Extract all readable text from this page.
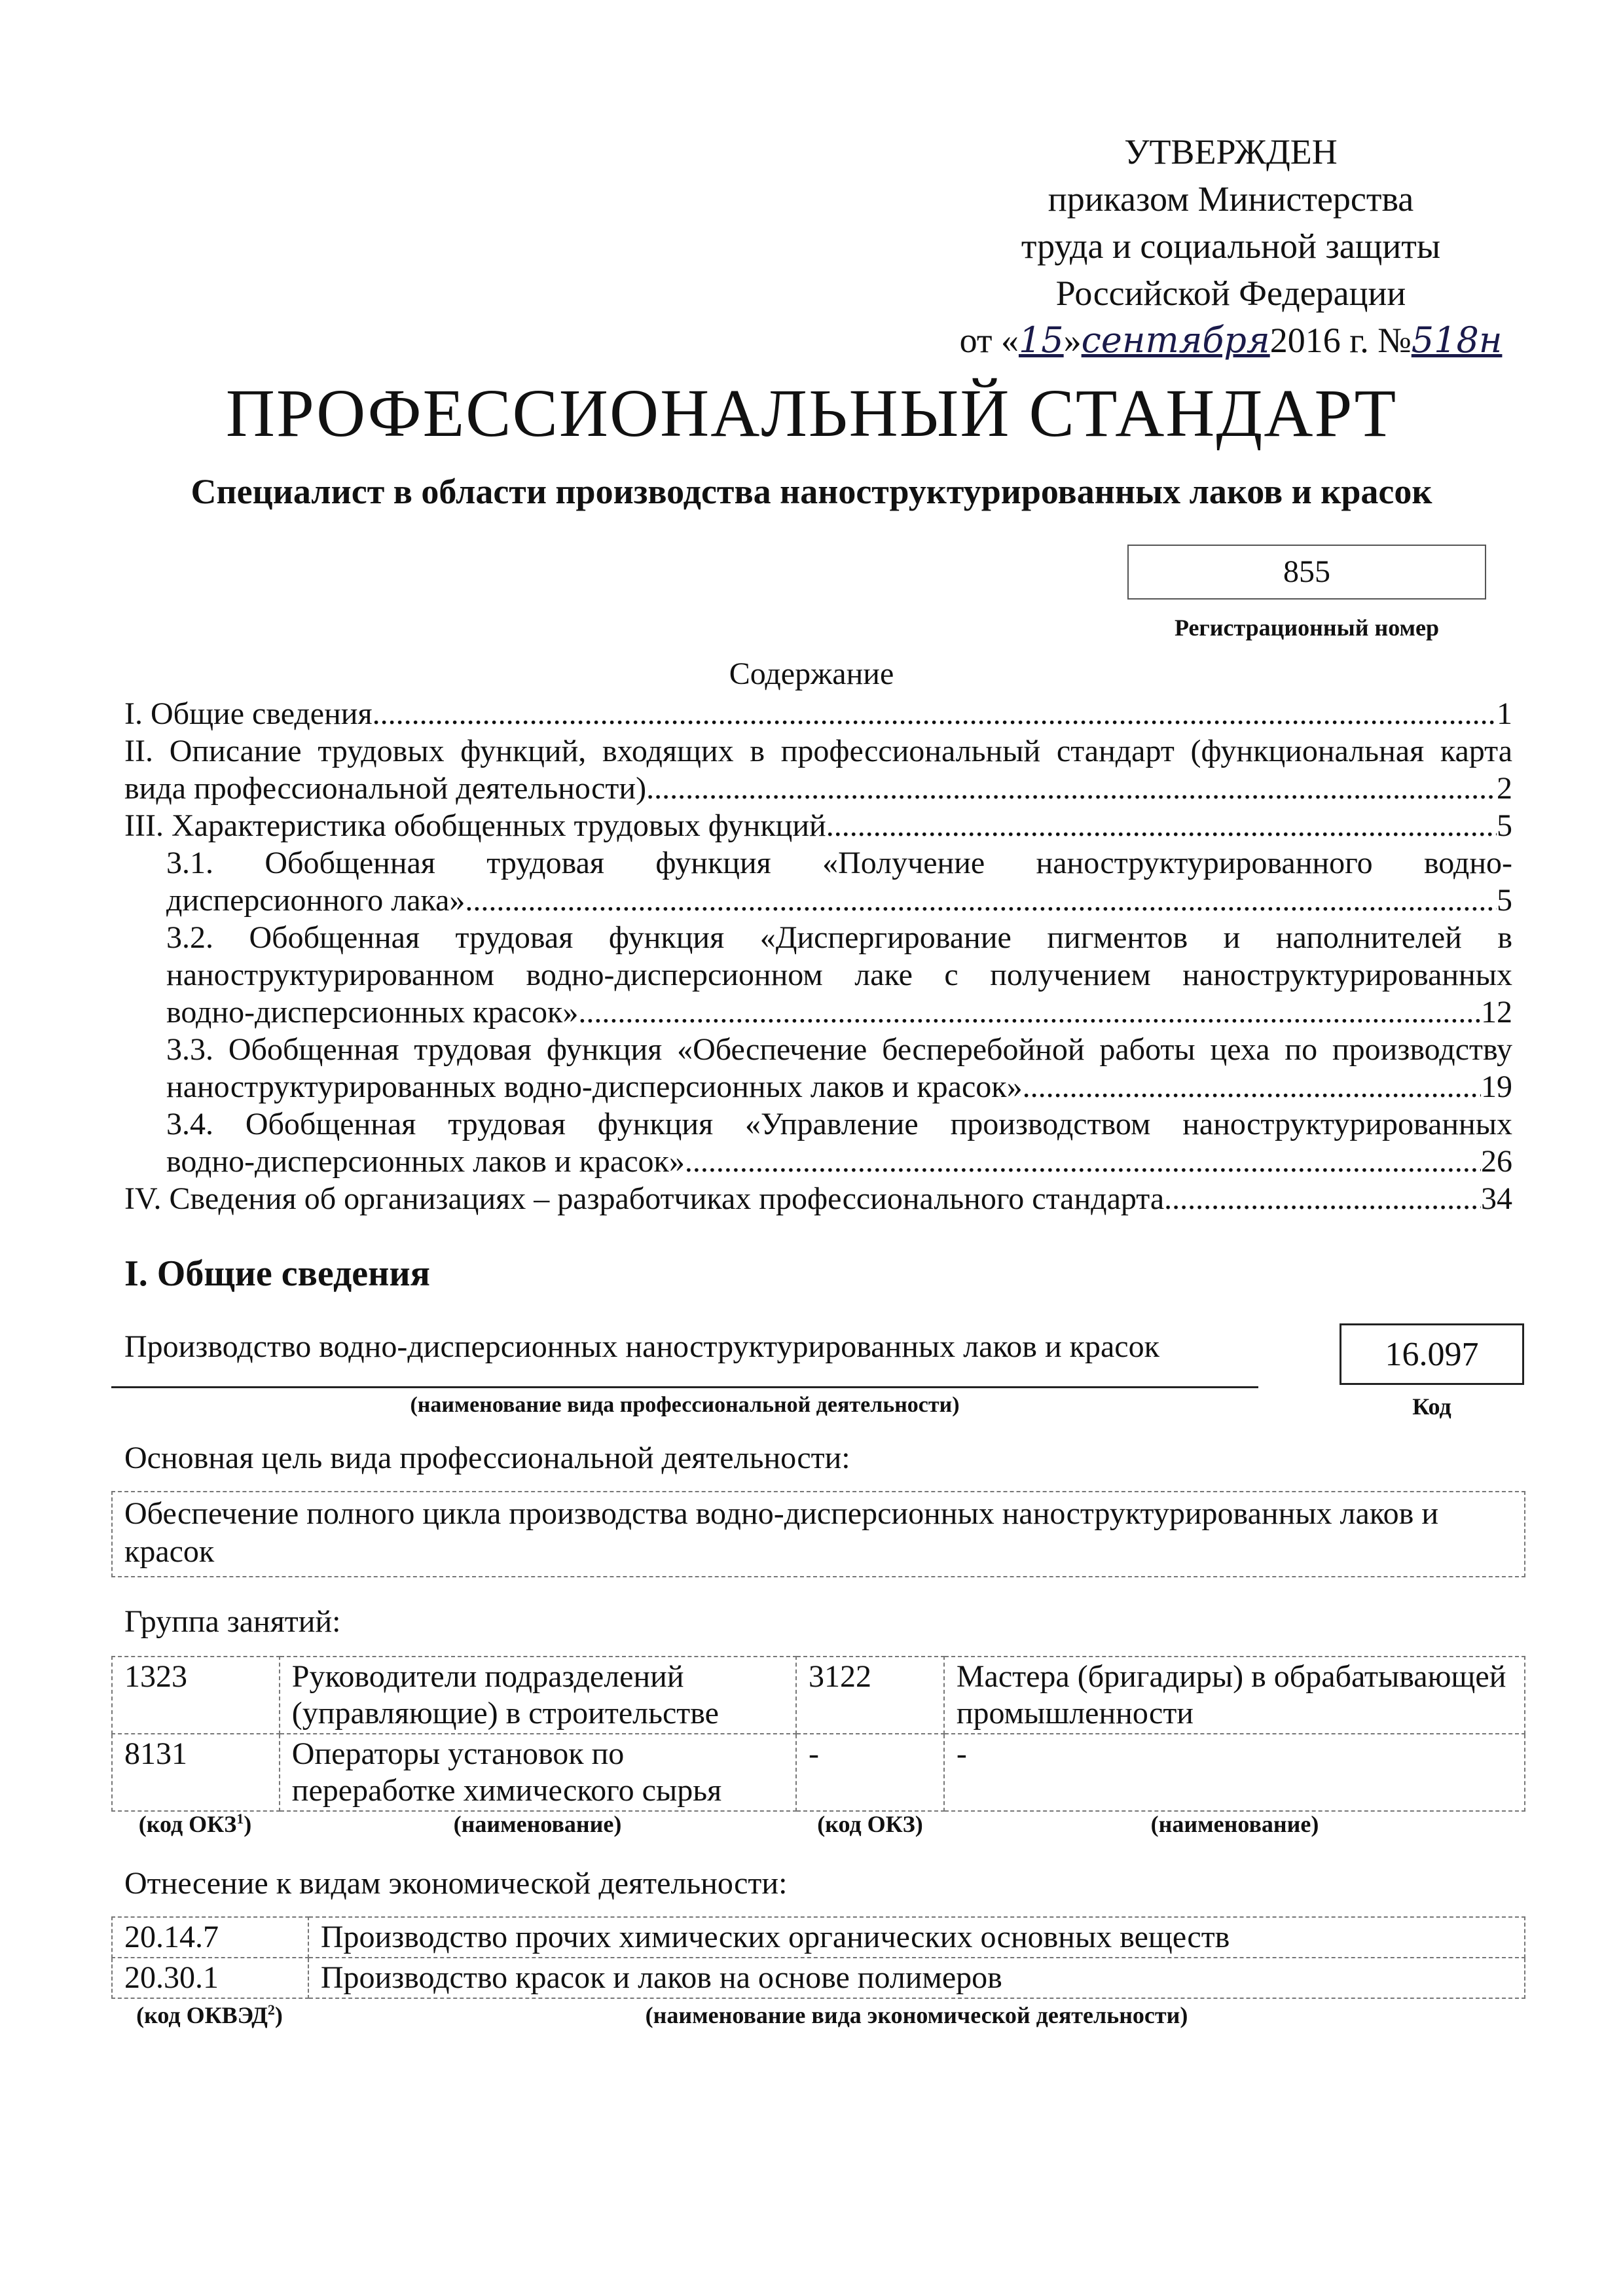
УТВЕРЖДЕН
приказом Министерства
труда и социальной защиты
Российской Федерации
от «15»сентября2016 г. №518н
ПРОФЕССИОНАЛЬНЫЙ СТАНДАРТ
Специалист в области производства наноструктурированных лаков и красок
855
Регистрационный номер
Содержание
I. Общие сведения .....	1
II. Описание трудовых функций, входящих в профессиональный стандарт (функциональная карта
вида профессиональной деятельности) .....	2
III. Характеристика обобщенных трудовых функций .....	5
3.1. Обобщенная трудовая функция «Получение наноструктурированного водно-
дисперсионного лака» .....	5
3.2. Обобщенная трудовая функция «Диспергирование пигментов и наполнителей в
наноструктурированном водно-дисперсионном лаке с получением наноструктурированных
водно-дисперсионных красок» .....	12
3.3. Обобщенная трудовая функция «Обеспечение бесперебойной работы цеха по производству
наноструктурированных водно-дисперсионных лаков и красок» .....	19
3.4. Обобщенная трудовая функция «Управление производством наноструктурированных
водно-дисперсионных лаков и красок» .....	26
IV. Сведения об организациях – разработчиках профессионального стандарта .....	34
I. Общие сведения
Производство водно-дисперсионных наноструктурированных лаков и красок
(наименование вида профессиональной деятельности)
16.097
Код
Основная цель вида профессиональной деятельности:
Обеспечение полного цикла производства водно-дисперсионных наноструктурированных лаков и красок
Группа занятий:
1323	Руководители подразделений (управляющие) в строительстве	3122	Мастера (бригадиры) в обрабатывающей промышленности
8131	Операторы установок по переработке химического сырья	-	-
(код ОКЗ$^1$)	(наименование)	(код ОКЗ)	(наименование)
Отнесение к видам экономической деятельности:
20.14.7	Производство прочих химических органических основных веществ
20.30.1	Производство красок и лаков на основе полимеров
(код ОКВЭД$^2$)	(наименование вида экономической деятельности)
